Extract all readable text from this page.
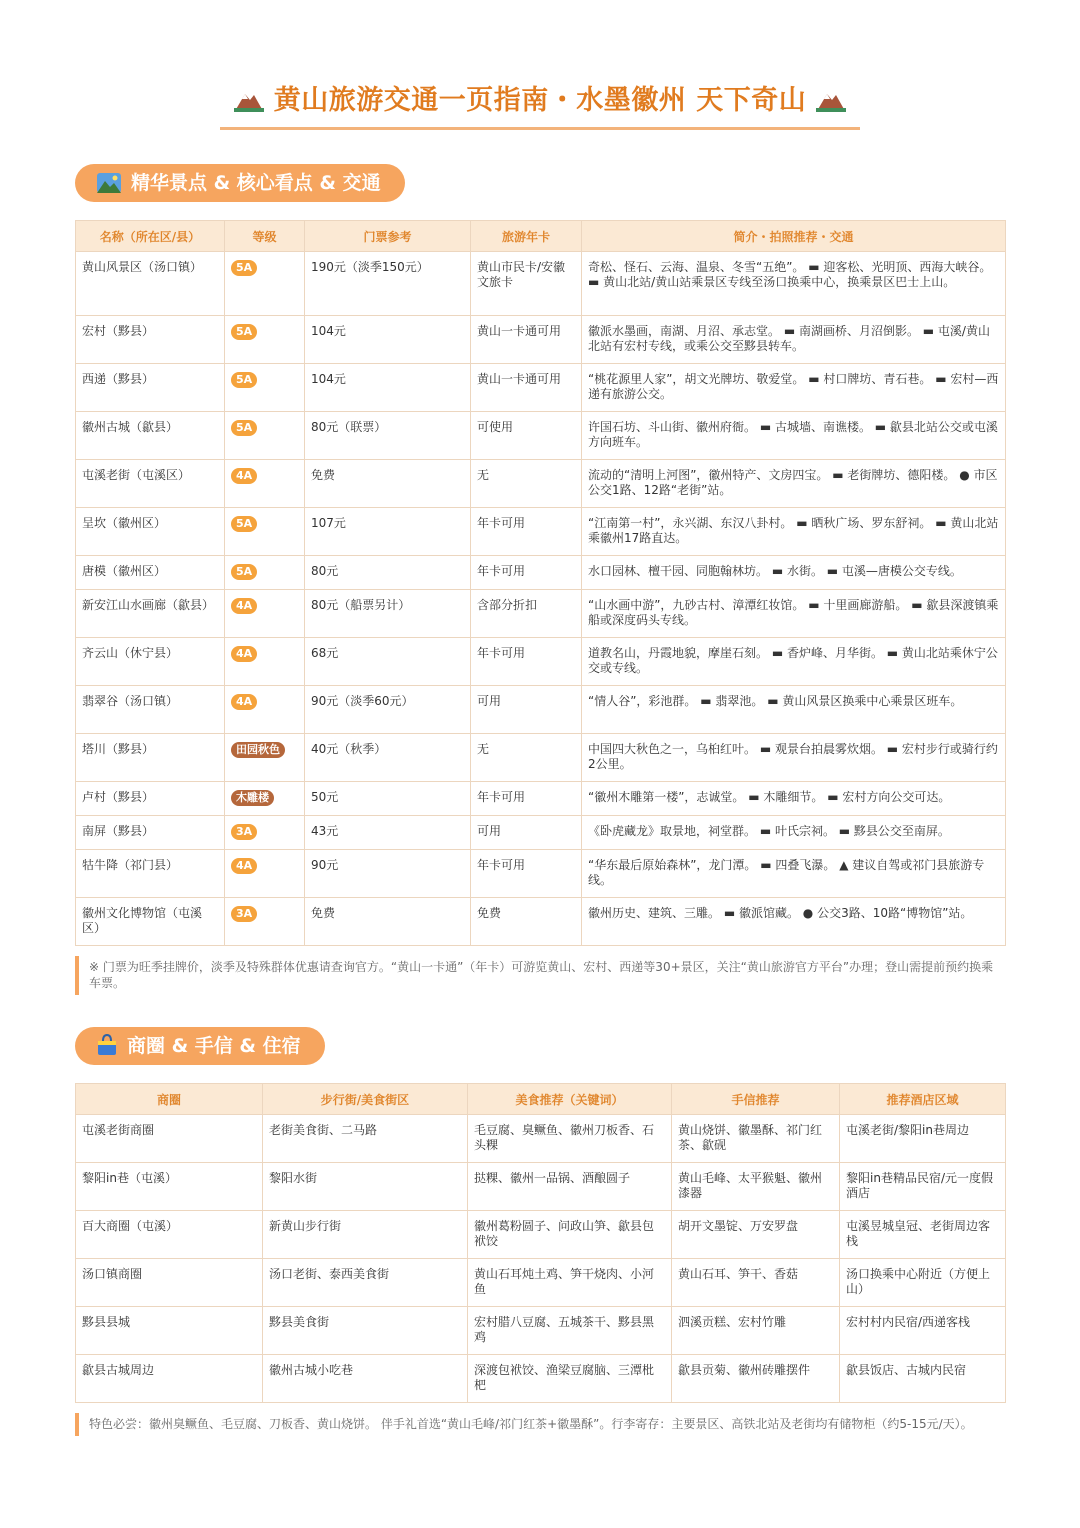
黄山旅游交通一页指南・水墨徽州 天下奇山
精华景点 & 核心看点 & 交通
名称（所在区/县）	等级	门票参考	旅游年卡	简介・拍照推荐・交通
黄山风景区（汤口镇）	5A	190元（淡季150元）	黄山市民卡/安徽文旅卡	奇松、怪石、云海、温泉、冬雪“五绝”。 ▬ 迎客松、光明顶、西海大峡谷。 ▬ 黄山北站/黄山站乘景区专线至汤口换乘中心，换乘景区巴士上山。
宏村（黟县）	5A	104元	黄山一卡通可用	徽派水墨画，南湖、月沼、承志堂。 ▬ 南湖画桥、月沼倒影。 ▬ 屯溪/黄山北站有宏村专线，或乘公交至黟县转车。
西递（黟县）	5A	104元	黄山一卡通可用	“桃花源里人家”，胡文光牌坊、敬爱堂。 ▬ 村口牌坊、青石巷。 ▬ 宏村—西递有旅游公交。
徽州古城（歙县）	5A	80元（联票）	可使用	许国石坊、斗山街、徽州府衙。 ▬ 古城墙、南谯楼。 ▬ 歙县北站公交或屯溪方向班车。
屯溪老街（屯溪区）	4A	免费	无	流动的“清明上河图”，徽州特产、文房四宝。 ▬ 老街牌坊、德阳楼。 ● 市区公交1路、12路“老街”站。
呈坎（徽州区）	5A	107元	年卡可用	“江南第一村”，永兴湖、东汉八卦村。 ▬ 晒秋广场、罗东舒祠。 ▬ 黄山北站乘徽州17路直达。
唐模（徽州区）	5A	80元	年卡可用	水口园林、檀干园、同胞翰林坊。 ▬ 水街。 ▬ 屯溪—唐模公交专线。
新安江山水画廊（歙县）	4A	80元（船票另计）	含部分折扣	“山水画中游”，九砂古村、漳潭红妆馆。 ▬ 十里画廊游船。 ▬ 歙县深渡镇乘船或深度码头专线。
齐云山（休宁县）	4A	68元	年卡可用	道教名山，丹霞地貌，摩崖石刻。 ▬ 香炉峰、月华街。 ▬ 黄山北站乘休宁公交或专线。
翡翠谷（汤口镇）	4A	90元（淡季60元）	可用	“情人谷”，彩池群。 ▬ 翡翠池。 ▬ 黄山风景区换乘中心乘景区班车。
塔川（黟县）	田园秋色	40元（秋季）	无	中国四大秋色之一，乌桕红叶。 ▬ 观景台拍晨雾炊烟。 ▬ 宏村步行或骑行约2公里。
卢村（黟县）	木雕楼	50元	年卡可用	“徽州木雕第一楼”，志诚堂。 ▬ 木雕细节。 ▬ 宏村方向公交可达。
南屏（黟县）	3A	43元	可用	《卧虎藏龙》取景地，祠堂群。 ▬ 叶氏宗祠。 ▬ 黟县公交至南屏。
牯牛降（祁门县）	4A	90元	年卡可用	“华东最后原始森林”，龙门潭。 ▬ 四叠飞瀑。 ▲ 建议自驾或祁门县旅游专线。
徽州文化博物馆（屯溪区）	3A	免费	免费	徽州历史、建筑、三雕。 ▬ 徽派馆藏。 ● 公交3路、10路“博物馆”站。
※ 门票为旺季挂牌价，淡季及特殊群体优惠请查询官方。“黄山一卡通”（年卡）可游览黄山、宏村、西递等30+景区，关注“黄山旅游官方平台”办理；登山需提前预约换乘车票。
商圈 & 手信 & 住宿
商圈	步行街/美食街区	美食推荐（关键词）	手信推荐	推荐酒店区域
屯溪老街商圈	老街美食街、二马路	毛豆腐、臭鳜鱼、徽州刀板香、石头粿	黄山烧饼、徽墨酥、祁门红茶、歙砚	屯溪老街/黎阳in巷周边
黎阳in巷（屯溪）	黎阳水街	挞粿、徽州一品锅、酒酿圆子	黄山毛峰、太平猴魁、徽州漆器	黎阳in巷精品民宿/元一度假酒店
百大商圈（屯溪）	新黄山步行街	徽州葛粉圆子、问政山笋、歙县包袱饺	胡开文墨锭、万安罗盘	屯溪昱城皇冠、老街周边客栈
汤口镇商圈	汤口老街、泰西美食街	黄山石耳炖土鸡、笋干烧肉、小河鱼	黄山石耳、笋干、香菇	汤口换乘中心附近（方便上山）
黟县县城	黟县美食街	宏村腊八豆腐、五城茶干、黟县黑鸡	泗溪贡糕、宏村竹雕	宏村村内民宿/西递客栈
歙县古城周边	徽州古城小吃巷	深渡包袱饺、渔梁豆腐脑、三潭枇杷	歙县贡菊、徽州砖雕摆件	歙县饭店、古城内民宿
特色必尝：徽州臭鳜鱼、毛豆腐、刀板香、黄山烧饼。 伴手礼首选“黄山毛峰/祁门红茶+徽墨酥”。行李寄存：主要景区、高铁北站及老街均有储物柜（约5-15元/天）。
